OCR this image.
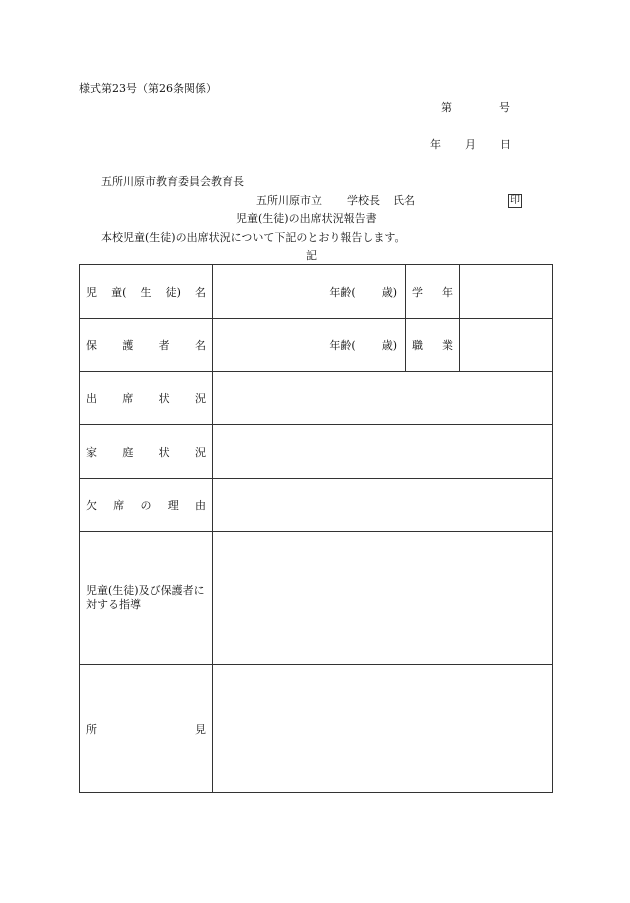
様式第23号（第26条関係）
第	号
年 月 日
五所川原市教育委員会教育長
五所川原市立 学校長 氏名	印
児童(生徒)の出席状況報告書
本校児童(生徒)の出席状況について下記のとおり報告します。
記
児 童( 生 徒) 名	年齢( 歳)	学 年	

保 護 者 名	年齢( 歳)	職 業	

出 席 状 況			

家 庭 状 況			

欠 席 の 理 由			

児童(生徒)及び保護者に対する指導			

所 見			
